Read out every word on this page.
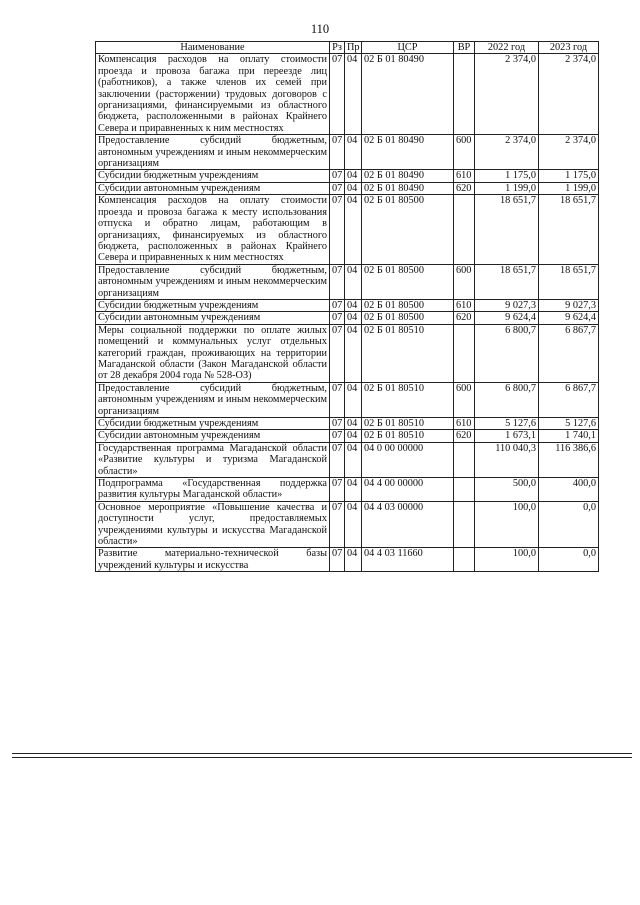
110
Наименование	Рз	Пр	ЦСР	ВР	2022 год	2023 год
Компенсация расходов на оплату стоимости проезда и провоза багажа при переезде лиц (работников), а также членов их семей при заключении (расторжении) трудовых договоров с организациями, финансируемыми из областного бюджета, расположенными в районах Крайнего Севера и приравненных к ним местностях	07	04	02 Б 01 80490		2 374,0	2 374,0
Предоставление субсидий бюджетным, автономным учреждениям и иным некоммерческим организациям	07	04	02 Б 01 80490	600	2 374,0	2 374,0
Субсидии бюджетным учреждениям	07	04	02 Б 01 80490	610	1 175,0	1 175,0
Субсидии автономным учреждениям	07	04	02 Б 01 80490	620	1 199,0	1 199,0
Компенсация расходов на оплату стоимости проезда и провоза багажа к месту использования отпуска и обратно лицам, работающим в организациях, финансируемых из областного бюджета, расположенных в районах Крайнего Севера и приравненных к ним местностях	07	04	02 Б 01 80500		18 651,7	18 651,7
Предоставление субсидий бюджетным, автономным учреждениям и иным некоммерческим организациям	07	04	02 Б 01 80500	600	18 651,7	18 651,7
Субсидии бюджетным учреждениям	07	04	02 Б 01 80500	610	9 027,3	9 027,3
Субсидии автономным учреждениям	07	04	02 Б 01 80500	620	9 624,4	9 624,4
Меры социальной поддержки по оплате жилых помещений и коммунальных услуг отдельных категорий граждан, проживающих на территории Магаданской области (Закон Магаданской области от 28 декабря 2004 года № 528-ОЗ)	07	04	02 Б 01 80510		6 800,7	6 867,7
Предоставление субсидий бюджетным, автономным учреждениям и иным некоммерческим организациям	07	04	02 Б 01 80510	600	6 800,7	6 867,7
Субсидии бюджетным учреждениям	07	04	02 Б 01 80510	610	5 127,6	5 127,6
Субсидии автономным учреждениям	07	04	02 Б 01 80510	620	1 673,1	1 740,1
Государственная программа Магаданской области «Развитие культуры и туризма Магаданской области»	07	04	04 0 00 00000		110 040,3	116 386,6
Подпрограмма «Государственная поддержка развития культуры Магаданской области»	07	04	04 4 00 00000		500,0	400,0
Основное мероприятие «Повышение качества и доступности услуг, предоставляемых учреждениями культуры и искусства Магаданской области»	07	04	04 4 03 00000		100,0	0,0
Развитие материально-технической базы учреждений культуры и искусства	07	04	04 4 03 11660		100,0	0,0
